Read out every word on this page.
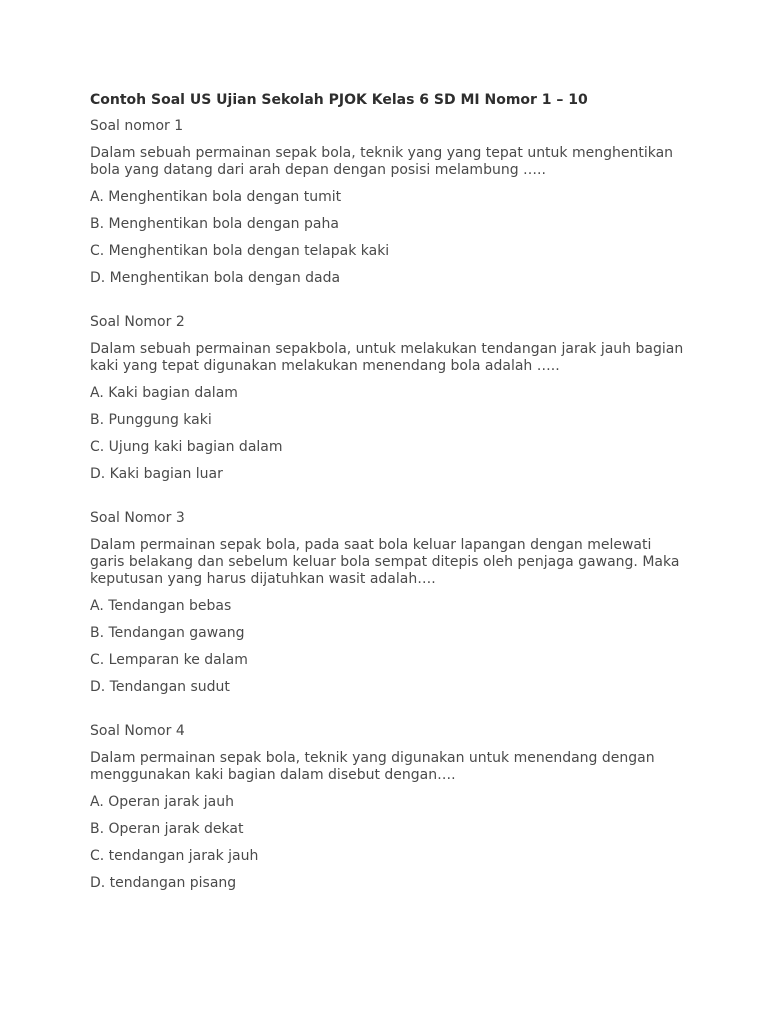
Contoh Soal US Ujian Sekolah PJOK Kelas 6 SD MI Nomor 1 – 10
Soal nomor 1
Dalam sebuah permainan sepak bola, teknik yang yang tepat untuk menghentikan bola yang datang dari arah depan dengan posisi melambung …..
A. Menghentikan bola dengan tumit
B. Menghentikan bola dengan paha
C. Menghentikan bola dengan telapak kaki
D. Menghentikan bola dengan dada
Soal Nomor 2
Dalam sebuah permainan sepakbola, untuk melakukan tendangan jarak jauh bagian kaki yang tepat digunakan melakukan menendang bola adalah …..
A. Kaki bagian dalam
B. Punggung kaki
C. Ujung kaki bagian dalam
D. Kaki bagian luar
Soal Nomor 3
Dalam permainan sepak bola, pada saat bola keluar lapangan dengan melewati garis belakang dan sebelum keluar bola sempat ditepis oleh penjaga gawang. Maka keputusan yang harus dijatuhkan wasit adalah….
A. Tendangan bebas
B. Tendangan gawang
C. Lemparan ke dalam
D. Tendangan sudut
Soal Nomor 4
Dalam permainan sepak bola, teknik yang digunakan untuk menendang dengan menggunakan kaki bagian dalam disebut dengan….
A. Operan jarak jauh
B. Operan jarak dekat
C. tendangan jarak jauh
D. tendangan pisang
